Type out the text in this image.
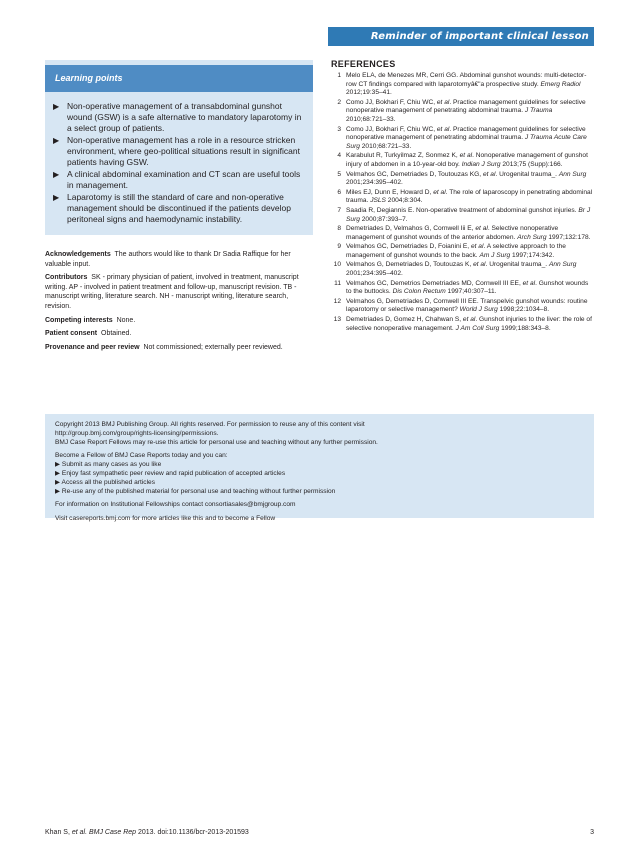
Reminder of important clinical lesson
Learning points
▶ Non-operative management of a transabdominal gunshot wound (GSW) is a safe alternative to mandatory laparotomy in a select group of patients.
▶ Non-operative management has a role in a resource stricken environment, where geo-political situations result in significant patients having GSW.
▶ A clinical abdominal examination and CT scan are useful tools in management.
▶ Laparotomy is still the standard of care and non-operative management should be discontinued if the patients develop peritoneal signs and haemodynamic instability.

Acknowledgements The authors would like to thank Dr Sadia Raffique for her valuable input.

Contributors SK - primary physician of patient, involved in treatment, manuscript writing. AP - involved in patient treatment and follow-up, manuscript revision. TB - manuscript writing, literature search. NH - manuscript writing, literature search, revision.

Competing interests None.

Patient consent Obtained.

Provenance and peer review Not commissioned; externally peer reviewed.

REFERENCES
1 Melo ELA, de Menezes MR, Cerri GG. Abdominal gunshot wounds: multi-detector-row CT findings compared with laparotomyâ€"a prospective study. Emerg Radiol 2012;19:35–41.
2 Como JJ, Bokhari F, Chiu WC, et al. Practice management guidelines for selective nonoperative management of penetrating abdominal trauma. J Trauma 2010;68:721–33.
3 Como JJ, Bokhari F, Chiu WC, et al. Practice management guidelines for selective nonoperative management of penetrating abdominal trauma. J Trauma Acute Care Surg 2010;68:721–33.
4 Karabulut R, Turkyilmaz Z, Sonmez K, et al. Nonoperative management of gunshot injury of abdomen in a 10-year-old boy. Indian J Surg 2013;75 (Supp):166.
5 Velmahos GC, Demetriades D, Toutouzas KG, et al. Urogenital trauma_. Ann Surg 2001;234:395–402.
6 Miles EJ, Dunn E, Howard D, et al. The role of laparoscopy in penetrating abdominal trauma. JSLS 2004;8:304.
7 Saadia R, Degiannis E. Non-operative treatment of abdominal gunshot injuries. Br J Surg 2000;87:393–7.
8 Demetriades D, Velmahos G, Cornwell Iii E, et al. Selective nonoperative management of gunshot wounds of the anterior abdomen. Arch Surg 1997;132:178.
9 Velmahos GC, Demetriades D, Foianini E, et al. A selective approach to the management of gunshot wounds to the back. Am J Surg 1997;174:342.
10 Velmahos G, Demetriades D, Toutouzas K, et al. Urogenital trauma_. Ann Surg 2001;234:395–402.
11 Velmahos GC, Demetrios Demetriades MD, Cornwell III EE, et al. Gunshot wounds to the buttocks. Dis Colon Rectum 1997;40:307–11.
12 Velmahos G, Demetriades D, Cornwell III EE. Transpelvic gunshot wounds: routine laparotomy or selective management? World J Surg 1998;22:1034–8.
13 Demetriades D, Gomez H, Chahwan S, et al. Gunshot injuries to the liver: the role of selective nonoperative management. J Am Coll Surg 1999;188:343–8.

Copyright 2013 BMJ Publishing Group. All rights reserved. For permission to reuse any of this content visit
http://group.bmj.com/group/rights-licensing/permissions.
BMJ Case Report Fellows may re-use this article for personal use and teaching without any further permission.

Become a Fellow of BMJ Case Reports today and you can:
▶ Submit as many cases as you like
▶ Enjoy fast sympathetic peer review and rapid publication of accepted articles
▶ Access all the published articles
▶ Re-use any of the published material for personal use and teaching without further permission

For information on Institutional Fellowships contact consortiasales@bmjgroup.com

Visit casereports.bmj.com for more articles like this and to become a Fellow

Khan S, et al. BMJ Case Rep 2013. doi:10.1136/bcr-2013-201593	3
